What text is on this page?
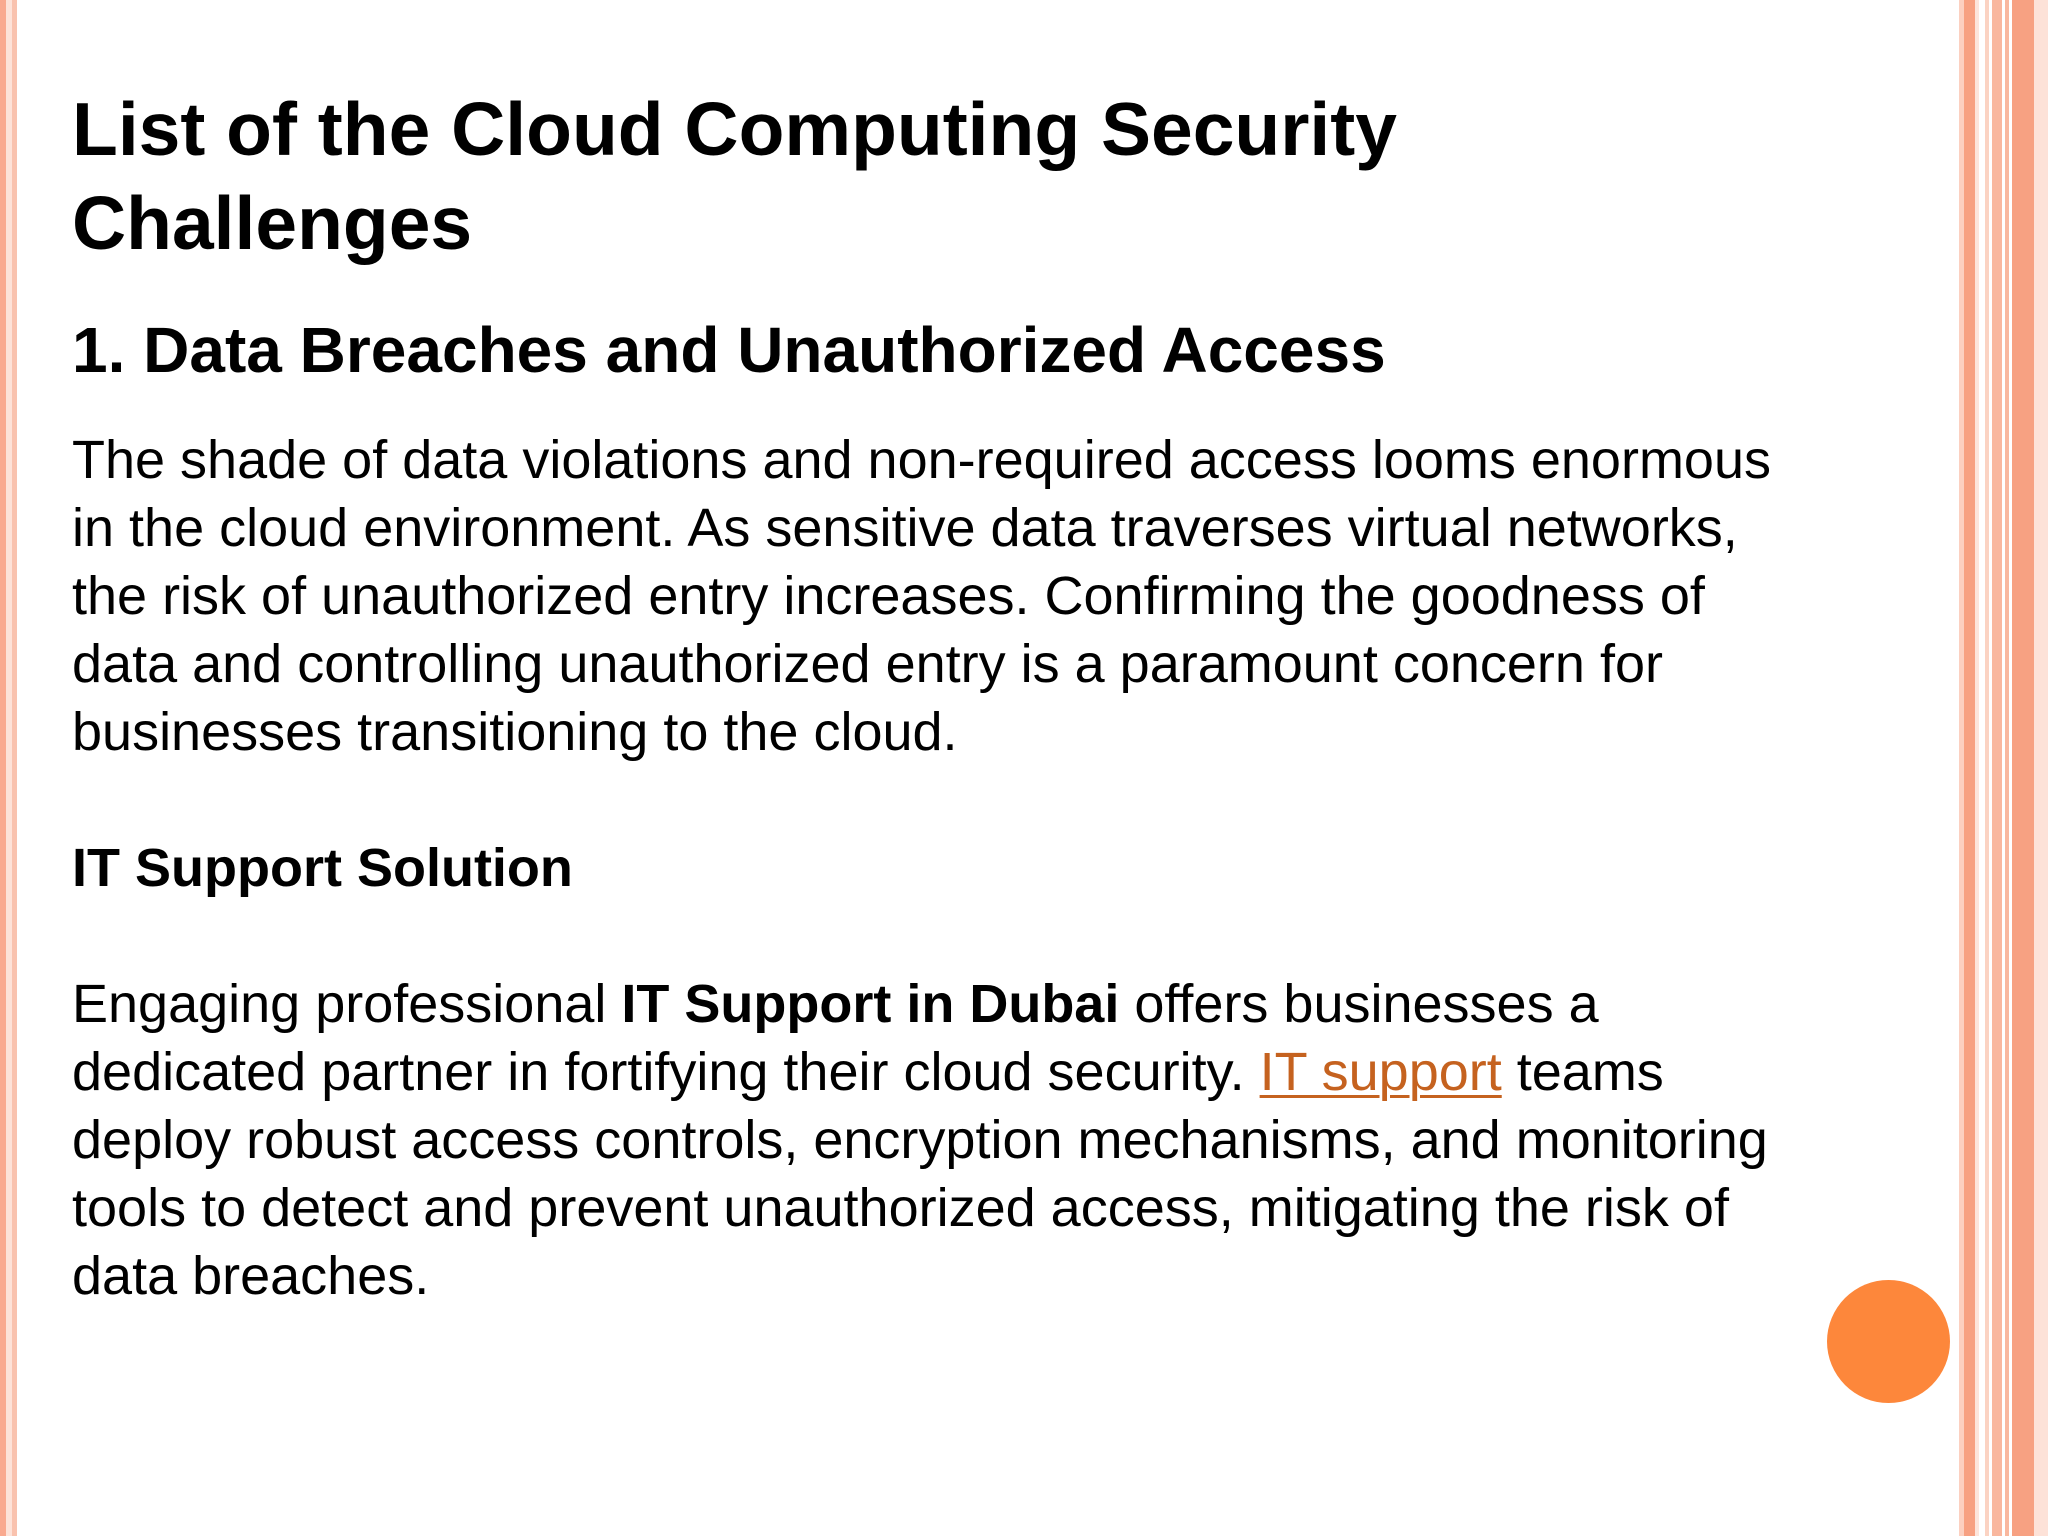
List of the Cloud Computing Security
Challenges
1. Data Breaches and Unauthorized Access

The shade of data violations and non-required access looms enormous
in the cloud environment. As sensitive data traverses virtual networks,
the risk of unauthorized entry increases. Confirming the goodness of
data and controlling unauthorized entry is a paramount concern for
businesses transitioning to the cloud.

IT Support Solution

Engaging professional IT Support in Dubai offers businesses a
dedicated partner in fortifying their cloud security. IT support teams
deploy robust access controls, encryption mechanisms, and monitoring
tools to detect and prevent unauthorized access, mitigating the risk of
data breaches.
